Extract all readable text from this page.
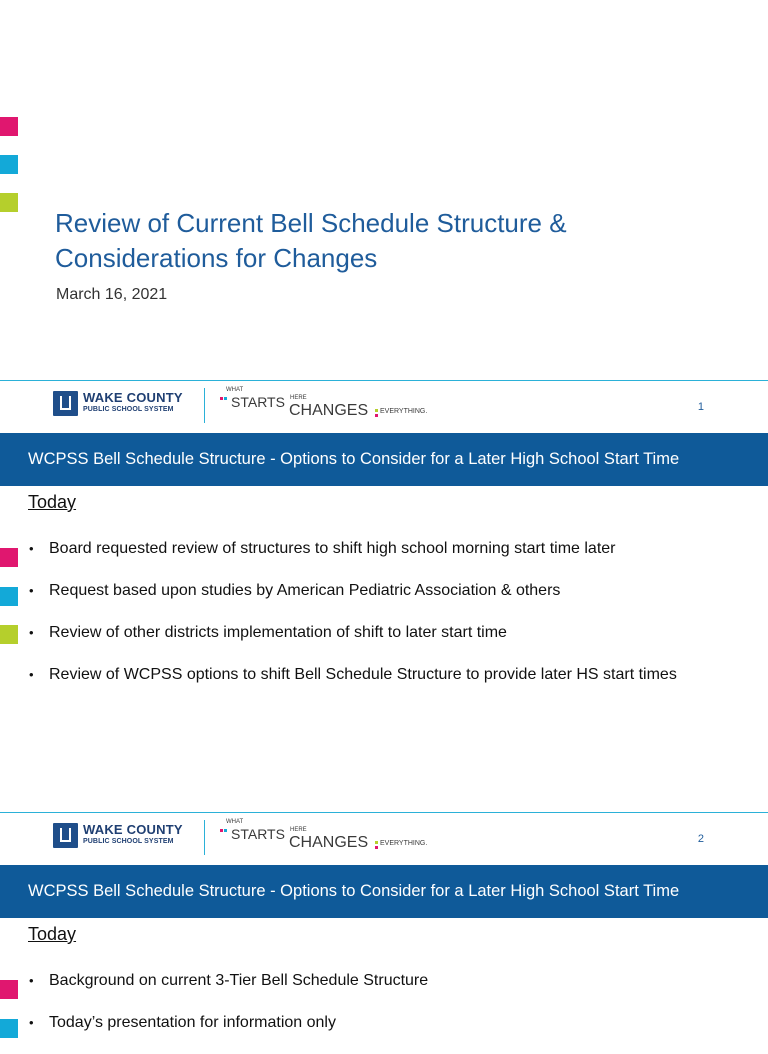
Review of Current Bell Schedule Structure &
Considerations for Changes
March 16, 2021
WAKE COUNTY
PUBLIC SCHOOL SYSTEM
WHAT
STARTS HERE
CHANGES EVERYTHING.	1
WCPSS Bell Schedule Structure - Options to Consider for a Later High School Start Time
Today
• Board requested review of structures to shift high school morning start time later
• Request based upon studies by American Pediatric Association & others
• Review of other districts implementation of shift to later start time
• Review of WCPSS options to shift Bell Schedule Structure to provide later HS start times
WAKE COUNTY
PUBLIC SCHOOL SYSTEM
WHAT
STARTS HERE
CHANGES EVERYTHING.	2
WCPSS Bell Schedule Structure - Options to Consider for a Later High School Start Time
Today
• Background on current 3-Tier Bell Schedule Structure
• Today’s presentation for information only
